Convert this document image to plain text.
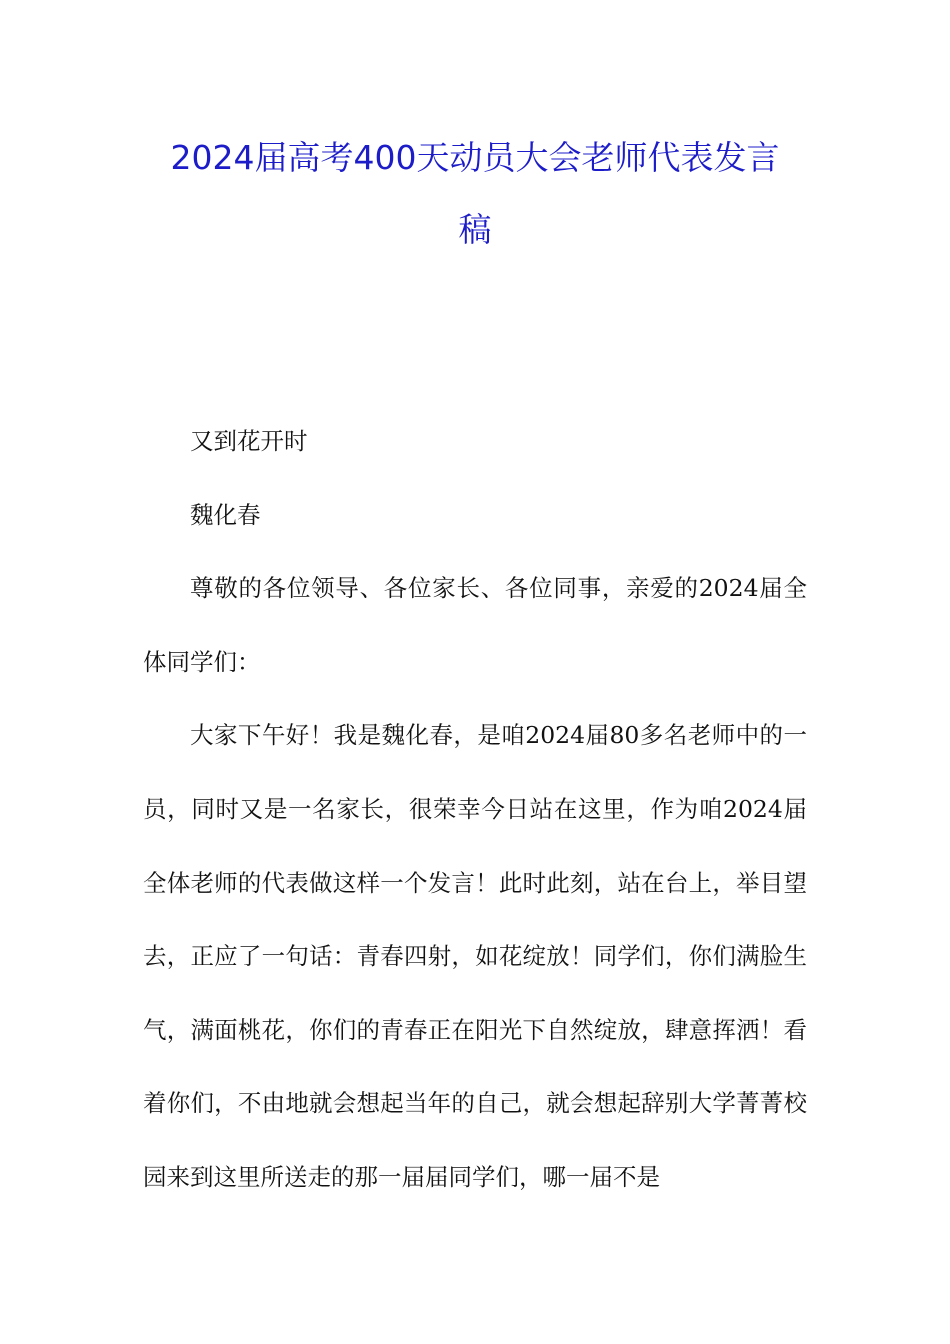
2024届高考400天动员大会老师代表发言
稿

又到花开时

魏化春

尊敬的各位领导、各位家长、各位同事，亲爱的2024届全体同学们：

大家下午好！我是魏化春，是咱2024届80多名老师中的一员，同时又是一名家长，很荣幸今日站在这里，作为咱2024届全体老师的代表做这样一个发言！此时此刻，站在台上，举目望去，正应了一句话：青春四射，如花绽放！同学们，你们满脸生气，满面桃花，你们的青春正在阳光下自然绽放，肆意挥洒！看着你们，不由地就会想起当年的自己，就会想起辞别大学菁菁校园来到这里所送走的那一届届同学们，哪一届不是
